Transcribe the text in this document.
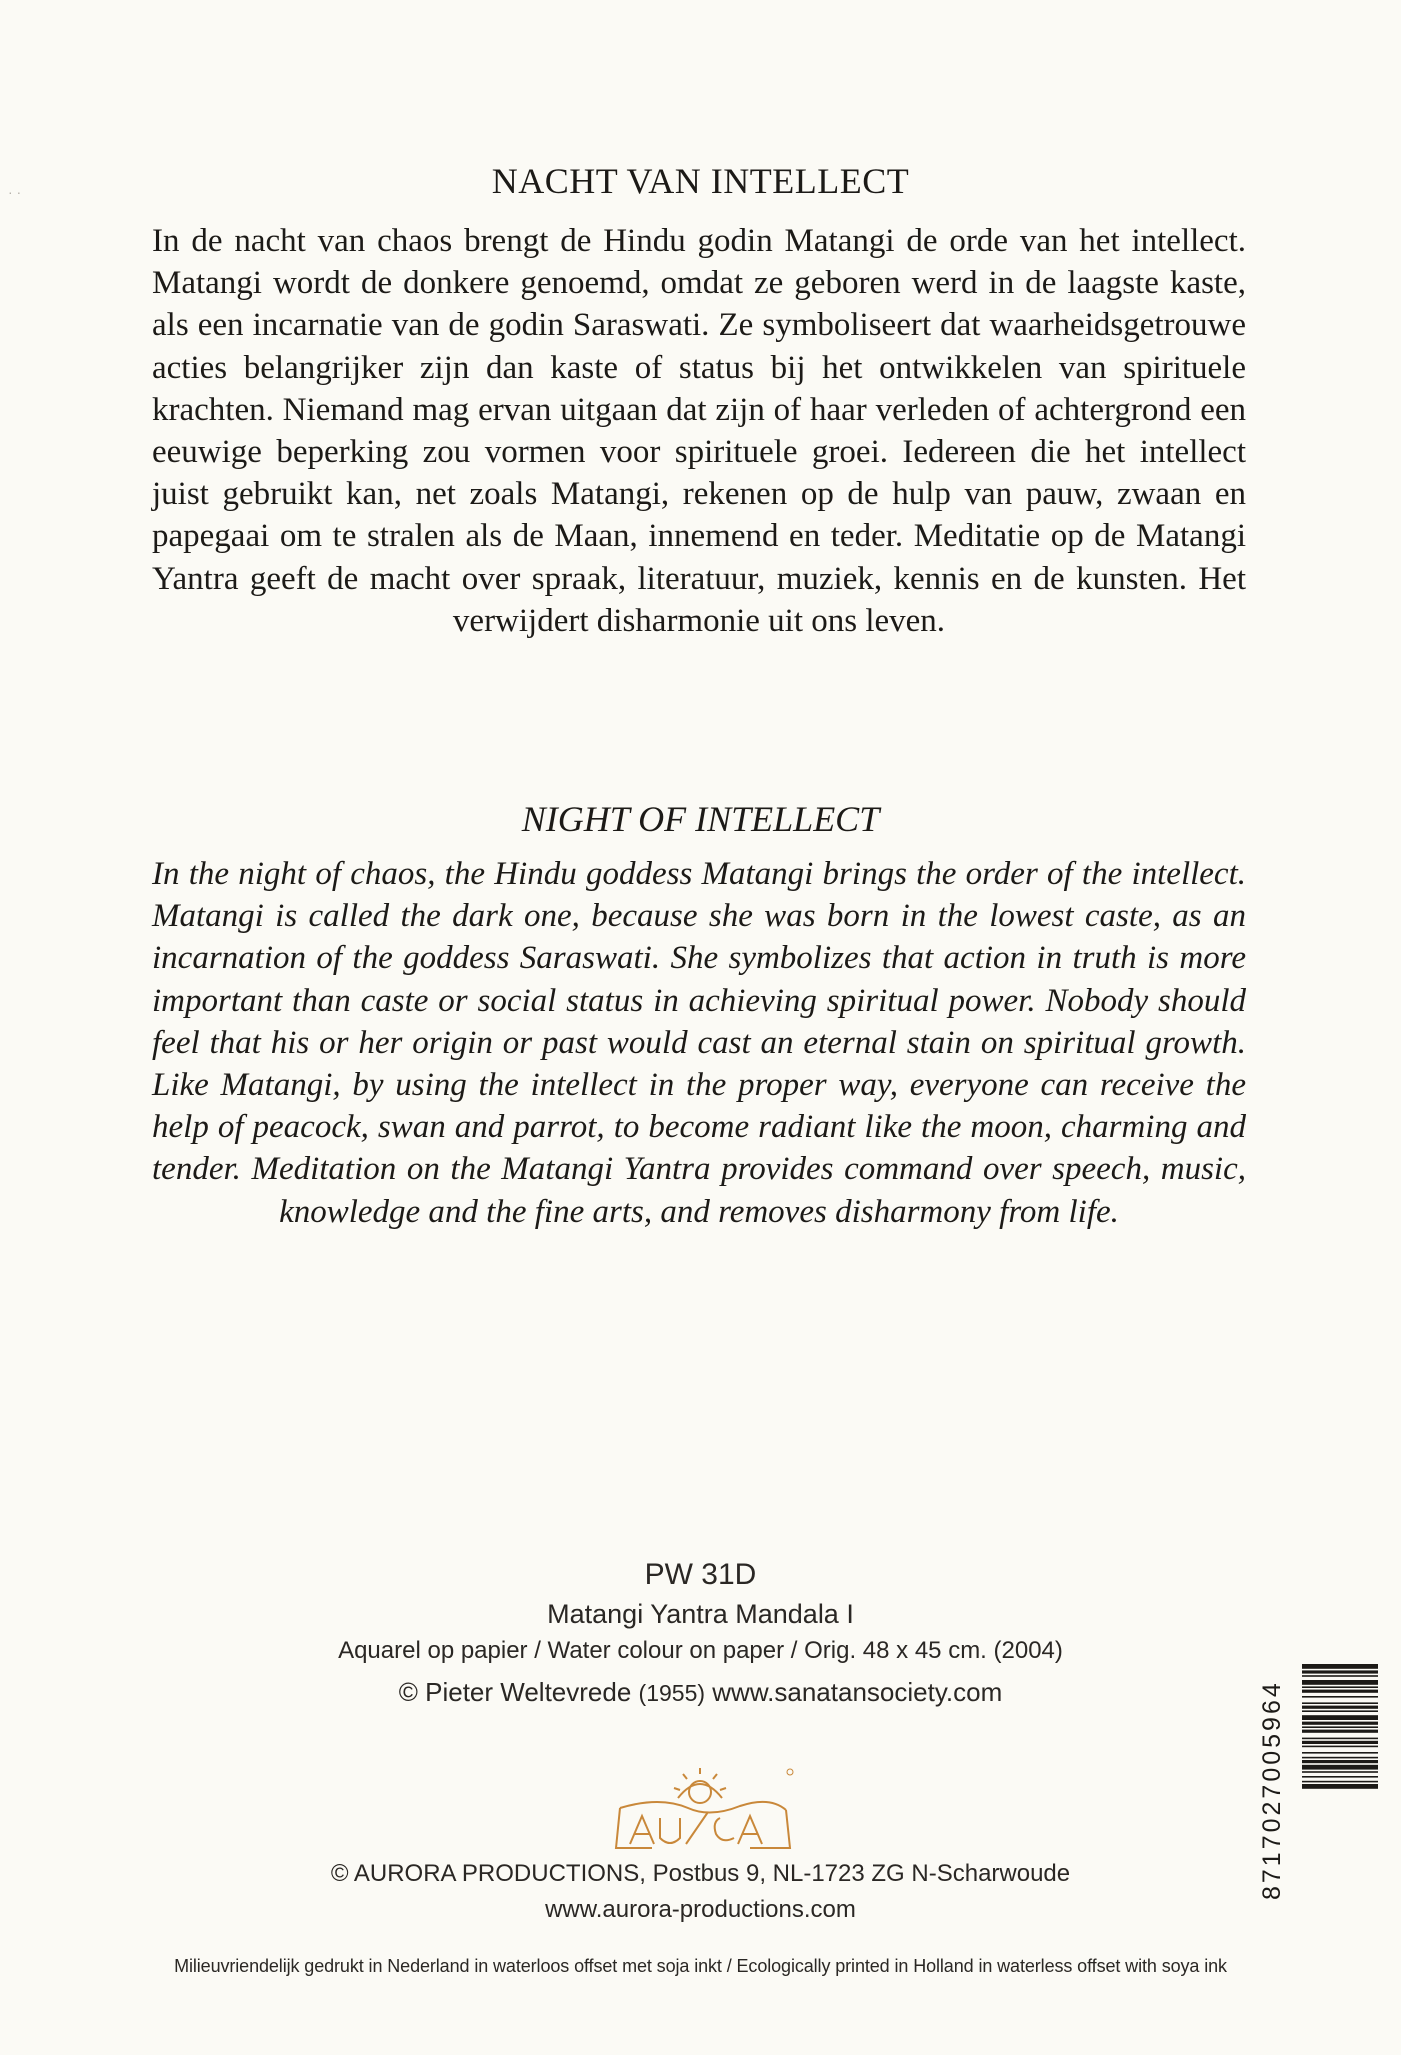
· ·	NACHT VAN INTELLECT

In de nacht van chaos brengt de Hindu godin Matangi de orde van het intellect. Matangi wordt de donkere genoemd, omdat ze geboren werd in de laagste kaste, als een incarnatie van de godin Saraswati. Ze symboliseert dat waarheidsgetrouwe acties belangrijker zijn dan kaste of status bij het ontwikkelen van spirituele krachten. Niemand mag ervan uitgaan dat zijn of haar verleden of achtergrond een eeuwige beperking zou vormen voor spirituele groei. Iedereen die het intellect juist gebruikt kan, net zoals Matangi, rekenen op de hulp van pauw, zwaan en papegaai om te stralen als de Maan, innemend en teder. Meditatie op de Matangi Yantra geeft de macht over spraak, literatuur, muziek, kennis en de kunsten. Het verwijdert disharmonie uit ons leven.

NIGHT OF INTELLECT

In the night of chaos, the Hindu goddess Matangi brings the order of the intellect. Matangi is called the dark one, because she was born in the lowest caste, as an incarnation of the goddess Saraswati. She symbolizes that action in truth is more important than caste or social status in achieving spiritual power. Nobody should feel that his or her origin or past would cast an eternal stain on spiritual growth. Like Matangi, by using the intellect in the proper way, everyone can receive the help of peacock, swan and parrot, to become radiant like the moon, charming and tender. Meditation on the Matangi Yantra provides command over speech, music, knowledge and the fine arts, and removes disharmony from life.

PW 31D
Matangi Yantra Mandala I
Aquarel op papier / Water colour on paper / Orig. 48 x 45 cm. (2004)
© Pieter Weltevrede (1955) www.sanatansociety.com
© AURORA PRODUCTIONS, Postbus 9, NL-1723 ZG N-Scharwoude
www.aurora-productions.com
8717027005964
Milieuvriendelijk gedrukt in Nederland in waterloos offset met soja inkt / Ecologically printed in Holland in waterless offset with soya ink
